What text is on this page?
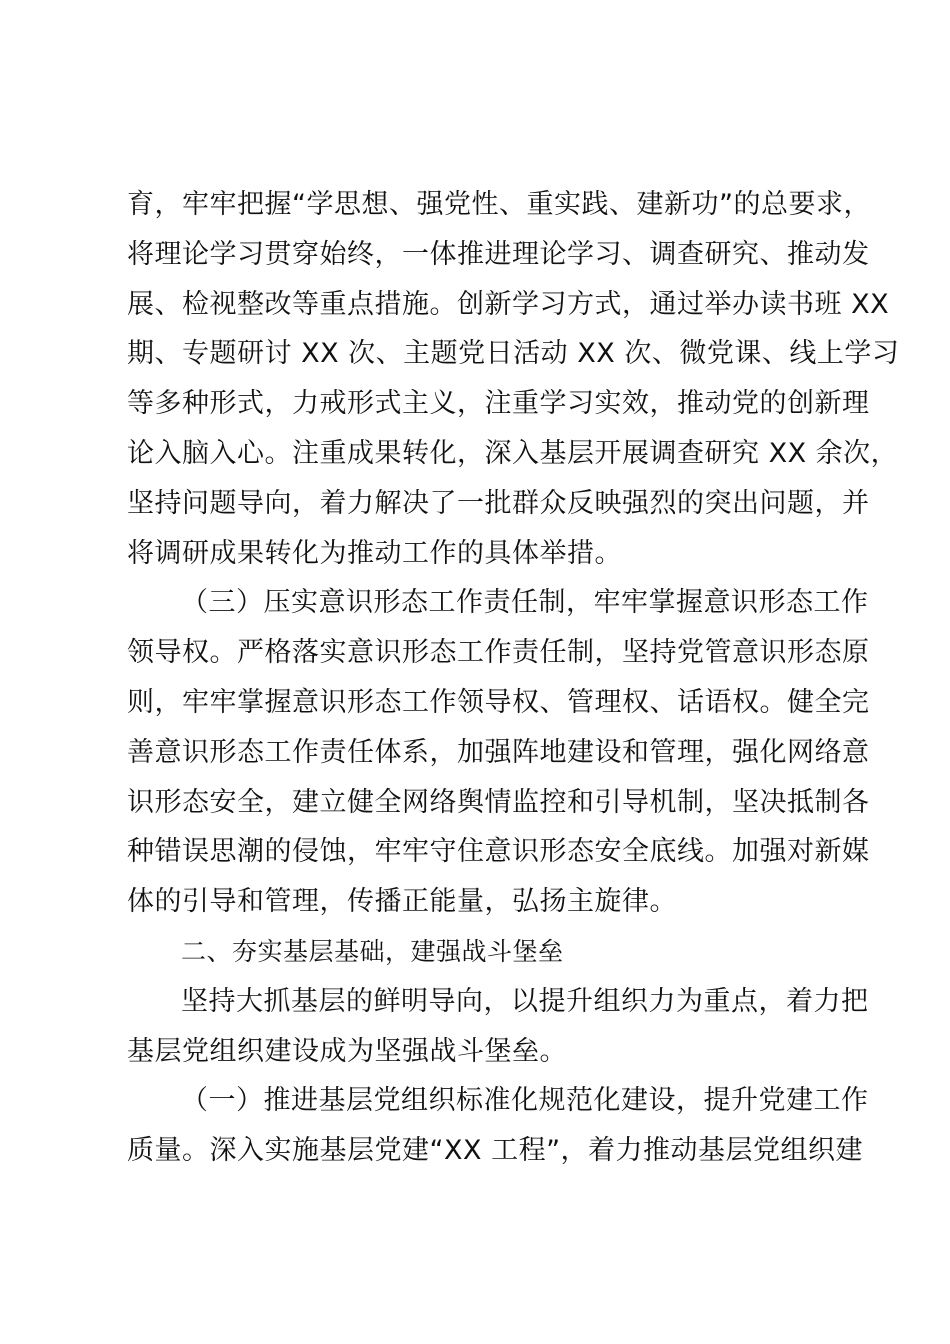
育，牢牢把握“学思想、强党性、重实践、建新功”的总要求，
将理论学习贯穿始终，一体推进理论学习、调查研究、推动发
展、检视整改等重点措施。创新学习方式，通过举办读书班 XX
期、专题研讨 XX 次、主题党日活动 XX 次、微党课、线上学习
等多种形式，力戒形式主义，注重学习实效，推动党的创新理
论入脑入心。注重成果转化，深入基层开展调查研究 XX 余次，
坚持问题导向，着力解决了一批群众反映强烈的突出问题，并
将调研成果转化为推动工作的具体举措。
（三）压实意识形态工作责任制，牢牢掌握意识形态工作
领导权。严格落实意识形态工作责任制，坚持党管意识形态原
则，牢牢掌握意识形态工作领导权、管理权、话语权。健全完
善意识形态工作责任体系，加强阵地建设和管理，强化网络意
识形态安全，建立健全网络舆情监控和引导机制，坚决抵制各
种错误思潮的侵蚀，牢牢守住意识形态安全底线。加强对新媒
体的引导和管理，传播正能量，弘扬主旋律。
二、夯实基层基础，建强战斗堡垒
坚持大抓基层的鲜明导向，以提升组织力为重点，着力把
基层党组织建设成为坚强战斗堡垒。
（一）推进基层党组织标准化规范化建设，提升党建工作
质量。深入实施基层党建“XX 工程”，着力推动基层党组织建
